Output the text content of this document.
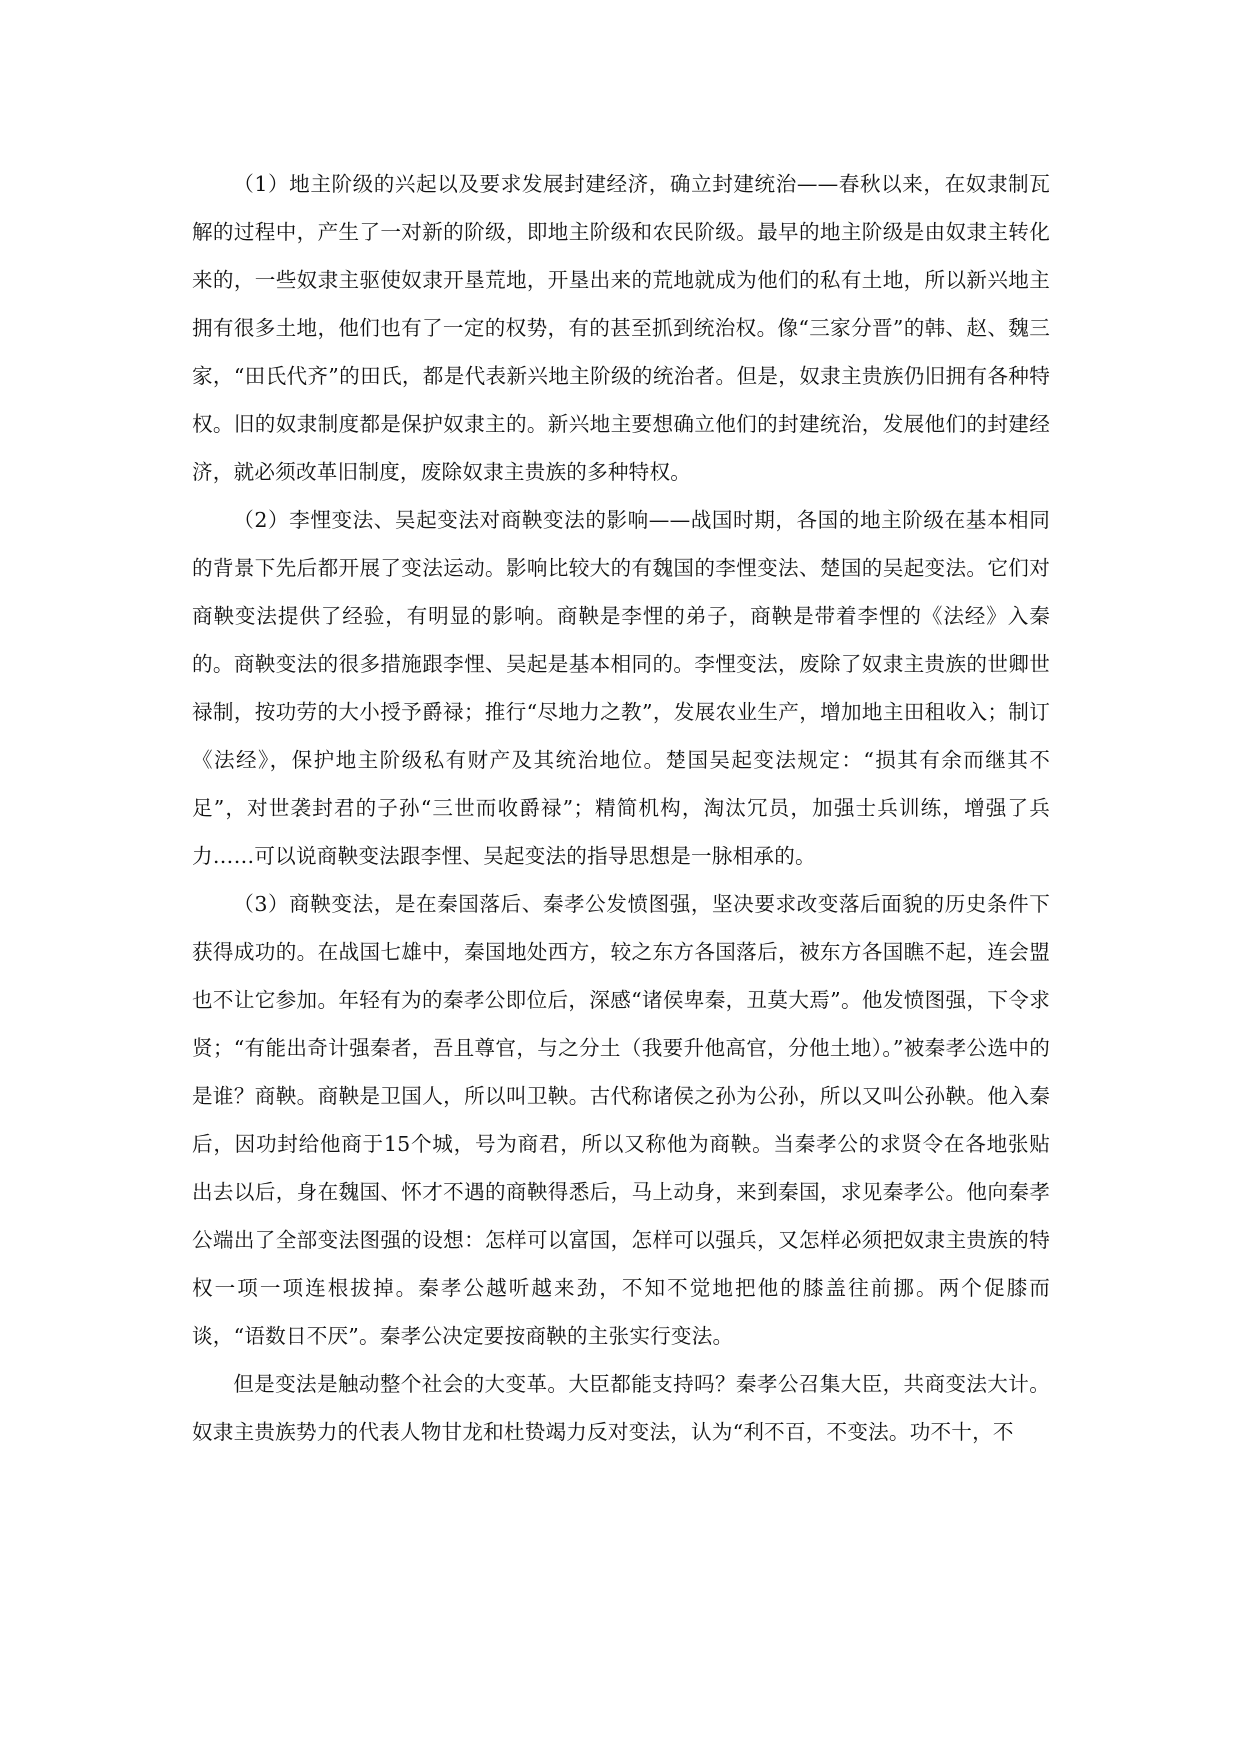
（1）地主阶级的兴起以及要求发展封建经济，确立封建统治——春秋以来，在奴隶制瓦解的过程中，产生了一对新的阶级，即地主阶级和农民阶级。最早的地主阶级是由奴隶主转化来的，一些奴隶主驱使奴隶开垦荒地，开垦出来的荒地就成为他们的私有土地，所以新兴地主拥有很多土地，他们也有了一定的权势，有的甚至抓到统治权。像“三家分晋”的韩、赵、魏三家，“田氏代齐”的田氏，都是代表新兴地主阶级的统治者。但是，奴隶主贵族仍旧拥有各种特权。旧的奴隶制度都是保护奴隶主的。新兴地主要想确立他们的封建统治，发展他们的封建经济，就必须改革旧制度，废除奴隶主贵族的多种特权。

（2）李悝变法、吴起变法对商鞅变法的影响——战国时期，各国的地主阶级在基本相同的背景下先后都开展了变法运动。影响比较大的有魏国的李悝变法、楚国的吴起变法。它们对商鞅变法提供了经验，有明显的影响。商鞅是李悝的弟子，商鞅是带着李悝的《法经》入秦的。商鞅变法的很多措施跟李悝、吴起是基本相同的。李悝变法，废除了奴隶主贵族的世卿世禄制，按功劳的大小授予爵禄；推行“尽地力之教”，发展农业生产，增加地主田租收入；制订《法经》，保护地主阶级私有财产及其统治地位。楚国吴起变法规定：“损其有余而继其不足”，对世袭封君的子孙“三世而收爵禄”；精简机构，淘汰冗员，加强士兵训练，增强了兵力……可以说商鞅变法跟李悝、吴起变法的指导思想是一脉相承的。

（3）商鞅变法，是在秦国落后、秦孝公发愤图强，坚决要求改变落后面貌的历史条件下获得成功的。在战国七雄中，秦国地处西方，较之东方各国落后，被东方各国瞧不起，连会盟也不让它参加。年轻有为的秦孝公即位后，深感“诸侯卑秦，丑莫大焉”。他发愤图强，下令求贤；“有能出奇计强秦者，吾且尊官，与之分土（我要升他高官，分他土地）。”被秦孝公选中的是谁？商鞅。商鞅是卫国人，所以叫卫鞅。古代称诸侯之孙为公孙，所以又叫公孙鞅。他入秦后，因功封给他商于15个城，号为商君，所以又称他为商鞅。当秦孝公的求贤令在各地张贴出去以后，身在魏国、怀才不遇的商鞅得悉后，马上动身，来到秦国，求见秦孝公。他向秦孝公端出了全部变法图强的设想：怎样可以富国，怎样可以强兵，又怎样必须把奴隶主贵族的特权一项一项连根拔掉。秦孝公越听越来劲，不知不觉地把他的膝盖往前挪。两个促膝而谈，“语数日不厌”。秦孝公决定要按商鞅的主张实行变法。

但是变法是触动整个社会的大变革。大臣都能支持吗？秦孝公召集大臣，共商变法大计。奴隶主贵族势力的代表人物甘龙和杜贽竭力反对变法，认为“利不百，不变法。功不十，不
